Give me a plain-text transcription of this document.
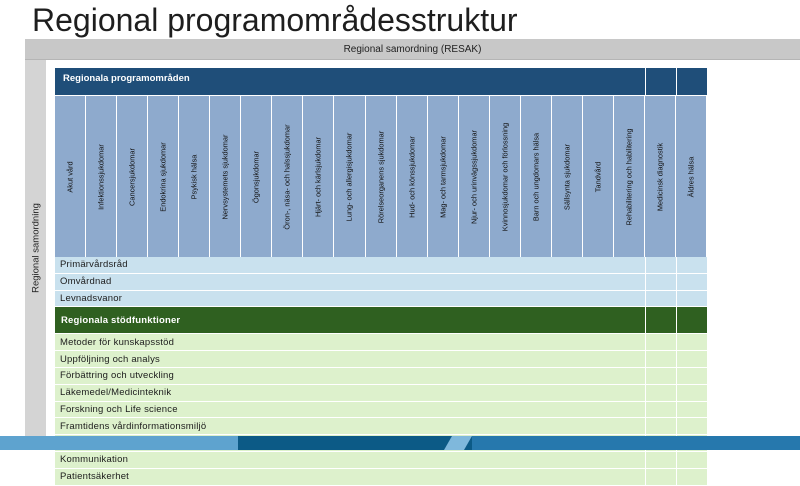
Regional programområdesstruktur
Regional samordning (RESAK)
Regional samordning
Regionala programområden
Akut vård	Infektionssjukdomar	Cancersjukdomar	Endokrina sjukdomar	Psykisk hälsa	Nervsystemets sjukdomar	Ögonsjukdomar	Öron-, näsa- och halssjukdomar	Hjärt- och kärlsjukdomar	Lung- och allergisjukdomar	Rörelseorganens sjukdomar	Hud- och könssjukdomar	Mag- och tarmsjukdomar	Njur- och urinvägssjukdomar	Kvinnosjukdomar och förlossning	Barn och ungdomars hälsa	Sällsynta sjukdomar	Tandvård	Rehabilitering och habilitering	Medicinsk diagnostik	Äldres hälsa
Primärvårdsråd
Omvårdnad
Levnadsvanor
Regionala stödfunktioner
Metoder för kunskapsstöd
Uppföljning och analys
Förbättring och utveckling
Läkemedel/Medicinteknik
Forskning och Life science
Framtidens vårdinformationsmiljö
Kommunikation
Patientsäkerhet
